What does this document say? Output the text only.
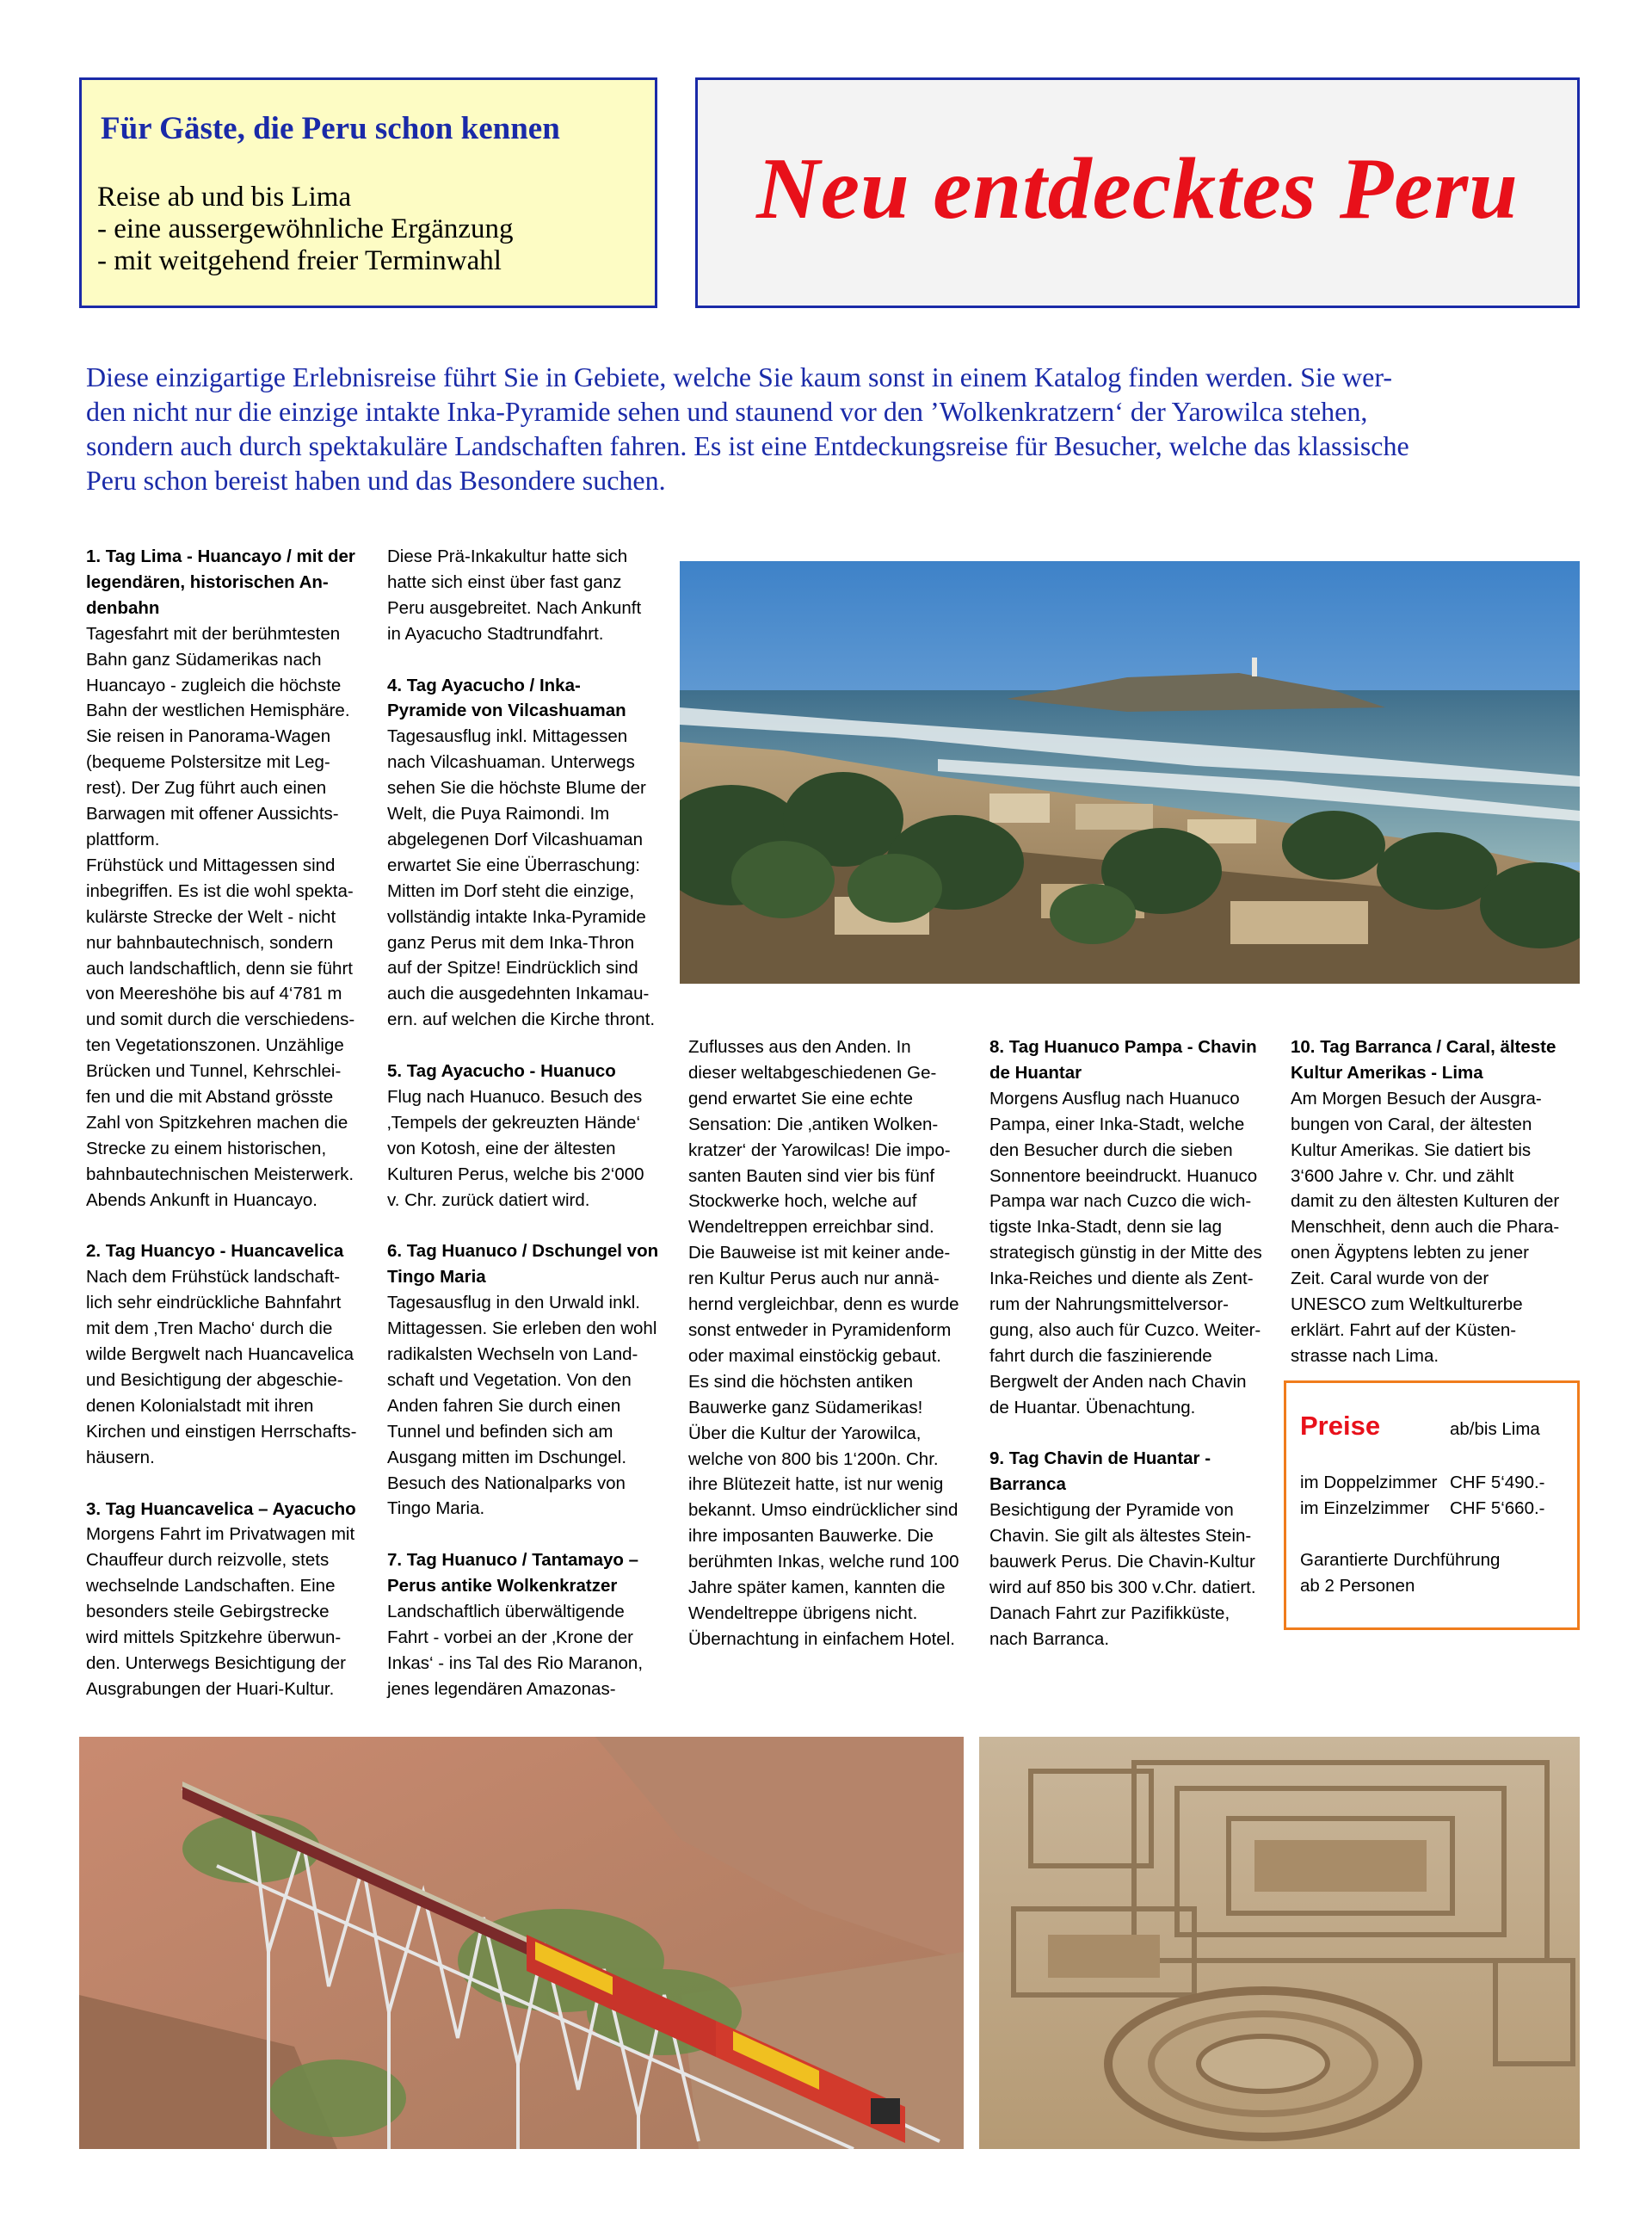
Für Gäste, die Peru schon kennen
Reise ab und bis Lima
- eine aussergewöhnliche Ergänzung
- mit weitgehend freier Terminwahl
Neu entdecktes Peru

Diese einzigartige Erlebnisreise führt Sie in Gebiete, welche Sie kaum sonst in einem Katalog finden werden. Sie wer-

den nicht nur die einzige intakte Inka-Pyramide sehen und staunend vor den ’Wolkenkratzern‘ der Yarowilca stehen,

sondern auch durch spektakuläre Landschaften fahren. Es ist eine Entdeckungsreise für Besucher, welche das klassische

Peru schon bereist haben und das Besondere suchen.

1. Tag Lima - Huancayo / mit der
legendären, historischen An-
denbahn
Tagesfahrt mit der berühmtesten
Bahn ganz Südamerikas nach
Huancayo - zugleich die höchste
Bahn der westlichen Hemisphäre.
Sie reisen in Panorama-Wagen
(bequeme Polstersitze mit Leg-
rest). Der Zug führt auch einen
Barwagen mit offener Aussichts-
plattform.
Frühstück und Mittagessen sind
inbegriffen. Es ist die wohl spekta-
kulärste Strecke der Welt - nicht
nur bahnbautechnisch, sondern
auch landschaftlich, denn sie führt
von Meereshöhe bis auf 4‘781 m
und somit durch die verschiedens-
ten Vegetationszonen. Unzählige
Brücken und Tunnel, Kehrschlei-
fen und die mit Abstand grösste
Zahl von Spitzkehren machen die
Strecke zu einem historischen,
bahnbautechnischen Meisterwerk.
Abends Ankunft in Huancayo.
2. Tag Huancyo - Huancavelica
Nach dem Frühstück landschaft-
lich sehr eindrückliche Bahnfahrt
mit dem ‚Tren Macho‘ durch die
wilde Bergwelt nach Huancavelica
und Besichtigung der abgeschie-
denen Kolonialstadt mit ihren
Kirchen und einstigen Herrschafts-
häusern.
3. Tag Huancavelica – Ayacucho
Morgens Fahrt im Privatwagen mit
Chauffeur durch reizvolle, stets
wechselnde Landschaften. Eine
besonders steile Gebirgstrecke
wird mittels Spitzkehre überwun-
den. Unterwegs Besichtigung der
Ausgrabungen der Huari-Kultur.
Diese Prä-Inkakultur hatte sich
hatte sich einst über fast ganz
Peru ausgebreitet. Nach Ankunft
in Ayacucho Stadtrundfahrt.
4. Tag Ayacucho / Inka-
Pyramide von Vilcashuaman
Tagesausflug inkl. Mittagessen
nach Vilcashuaman. Unterwegs
sehen Sie die höchste Blume der
Welt, die Puya Raimondi. Im
abgelegenen Dorf Vilcashuaman
erwartet Sie eine Überraschung:
Mitten im Dorf steht die einzige,
vollständig intakte Inka-Pyramide
ganz Perus mit dem Inka-Thron
auf der Spitze! Eindrücklich sind
auch die ausgedehnten Inkamau-
ern. auf welchen die Kirche thront.
5. Tag Ayacucho - Huanuco
Flug nach Huanuco. Besuch des
‚Tempels der gekreuzten Hände‘
von Kotosh, eine der ältesten
Kulturen Perus, welche bis 2‘000
v. Chr. zurück datiert wird.
6. Tag Huanuco / Dschungel von
Tingo Maria
Tagesausflug in den Urwald inkl.
Mittagessen. Sie erleben den wohl
radikalsten Wechseln von Land-
schaft und Vegetation. Von den
Anden fahren Sie durch einen
Tunnel und befinden sich am
Ausgang mitten im Dschungel.
Besuch des Nationalparks von
Tingo Maria.
7. Tag Huanuco / Tantamayo –
Perus antike Wolkenkratzer
Landschaftlich überwältigende
Fahrt - vorbei an der ‚Krone der
Inkas‘ - ins Tal des Rio Maranon,
jenes legendären Amazonas-
Zuflusses aus den Anden. In
dieser weltabgeschiedenen Ge-
gend erwartet Sie eine echte
Sensation: Die ‚antiken Wolken-
kratzer‘ der Yarowilcas! Die impo-
santen Bauten sind vier bis fünf
Stockwerke hoch, welche auf
Wendeltreppen erreichbar sind.
Die Bauweise ist mit keiner ande-
ren Kultur Perus auch nur annä-
hernd vergleichbar, denn es wurde
sonst entweder in Pyramidenform
oder maximal einstöckig gebaut.
Es sind die höchsten antiken
Bauwerke ganz Südamerikas!
Über die Kultur der Yarowilca,
welche von 800 bis 1‘200n. Chr.
ihre Blütezeit hatte, ist nur wenig
bekannt. Umso eindrücklicher sind
ihre imposanten Bauwerke. Die
berühmten Inkas, welche rund 100
Jahre später kamen, kannten die
Wendeltreppe übrigens nicht.
Übernachtung in einfachem Hotel.
8. Tag Huanuco Pampa - Chavin
de Huantar
Morgens Ausflug nach Huanuco
Pampa, einer Inka-Stadt, welche
den Besucher durch die sieben
Sonnentore beeindruckt. Huanuco
Pampa war nach Cuzco die wich-
tigste Inka-Stadt, denn sie lag
strategisch günstig in der Mitte des
Inka-Reiches und diente als Zent-
rum der Nahrungsmittelversor-
gung, also auch für Cuzco. Weiter-
fahrt durch die faszinierende
Bergwelt der Anden nach Chavin
de Huantar. Übenachtung.
9. Tag Chavin de Huantar -
Barranca
Besichtigung der Pyramide von
Chavin. Sie gilt als ältestes Stein-
bauwerk Perus. Die Chavin-Kultur
wird auf 850 bis 300 v.Chr. datiert.
Danach Fahrt zur Pazifikküste,
nach Barranca.
10. Tag Barranca / Caral, älteste
Kultur Amerikas - Lima
Am Morgen Besuch der Ausgra-
bungen von Caral, der ältesten
Kultur Amerikas. Sie datiert bis
3‘600 Jahre v. Chr. und zählt
damit zu den ältesten Kulturen der
Menschheit, denn auch die Phara-
onen Ägyptens lebten zu jener
Zeit. Caral wurde von der
UNESCO zum Weltkulturerbe
erklärt. Fahrt auf der Küsten-
strasse nach Lima.
Preise	ab/bis Lima
im Doppelzimmer CHF 5‘490.-
im Einzelzimmer CHF 5‘660.-
Garantierte Durchführung
ab 2 Personen
